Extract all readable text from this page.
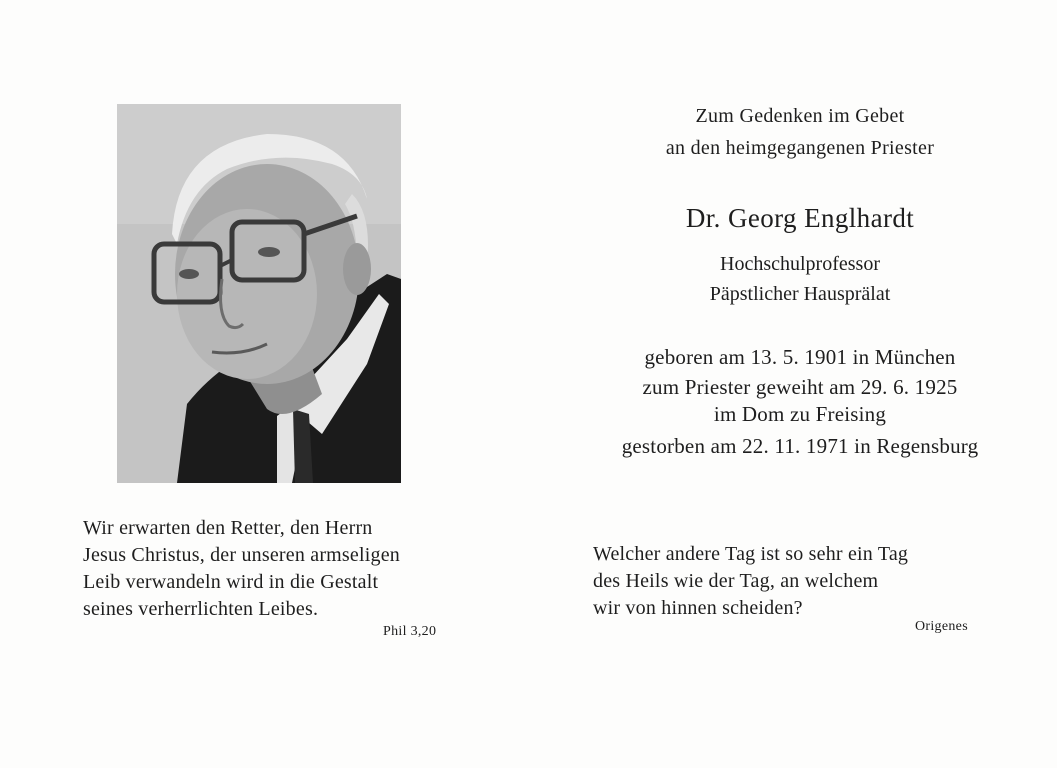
Zum Gedenken im Gebet
an den heimgegangenen Priester
Dr. Georg Englhardt
Hochschulprofessor
Päpstlicher Hausprälat
geboren am 13. 5. 1901 in München
zum Priester geweiht am 29. 6. 1925
im Dom zu Freising
gestorben am 22. 11. 1971 in Regensburg
Wir erwarten den Retter, den Herrn
Jesus Christus, der unseren armseligen
Leib verwandeln wird in die Gestalt
seines verherrlichten Leibes.
Phil 3,20
Welcher andere Tag ist so sehr ein Tag
des Heils wie der Tag, an welchem
wir von hinnen scheiden?
Origenes
